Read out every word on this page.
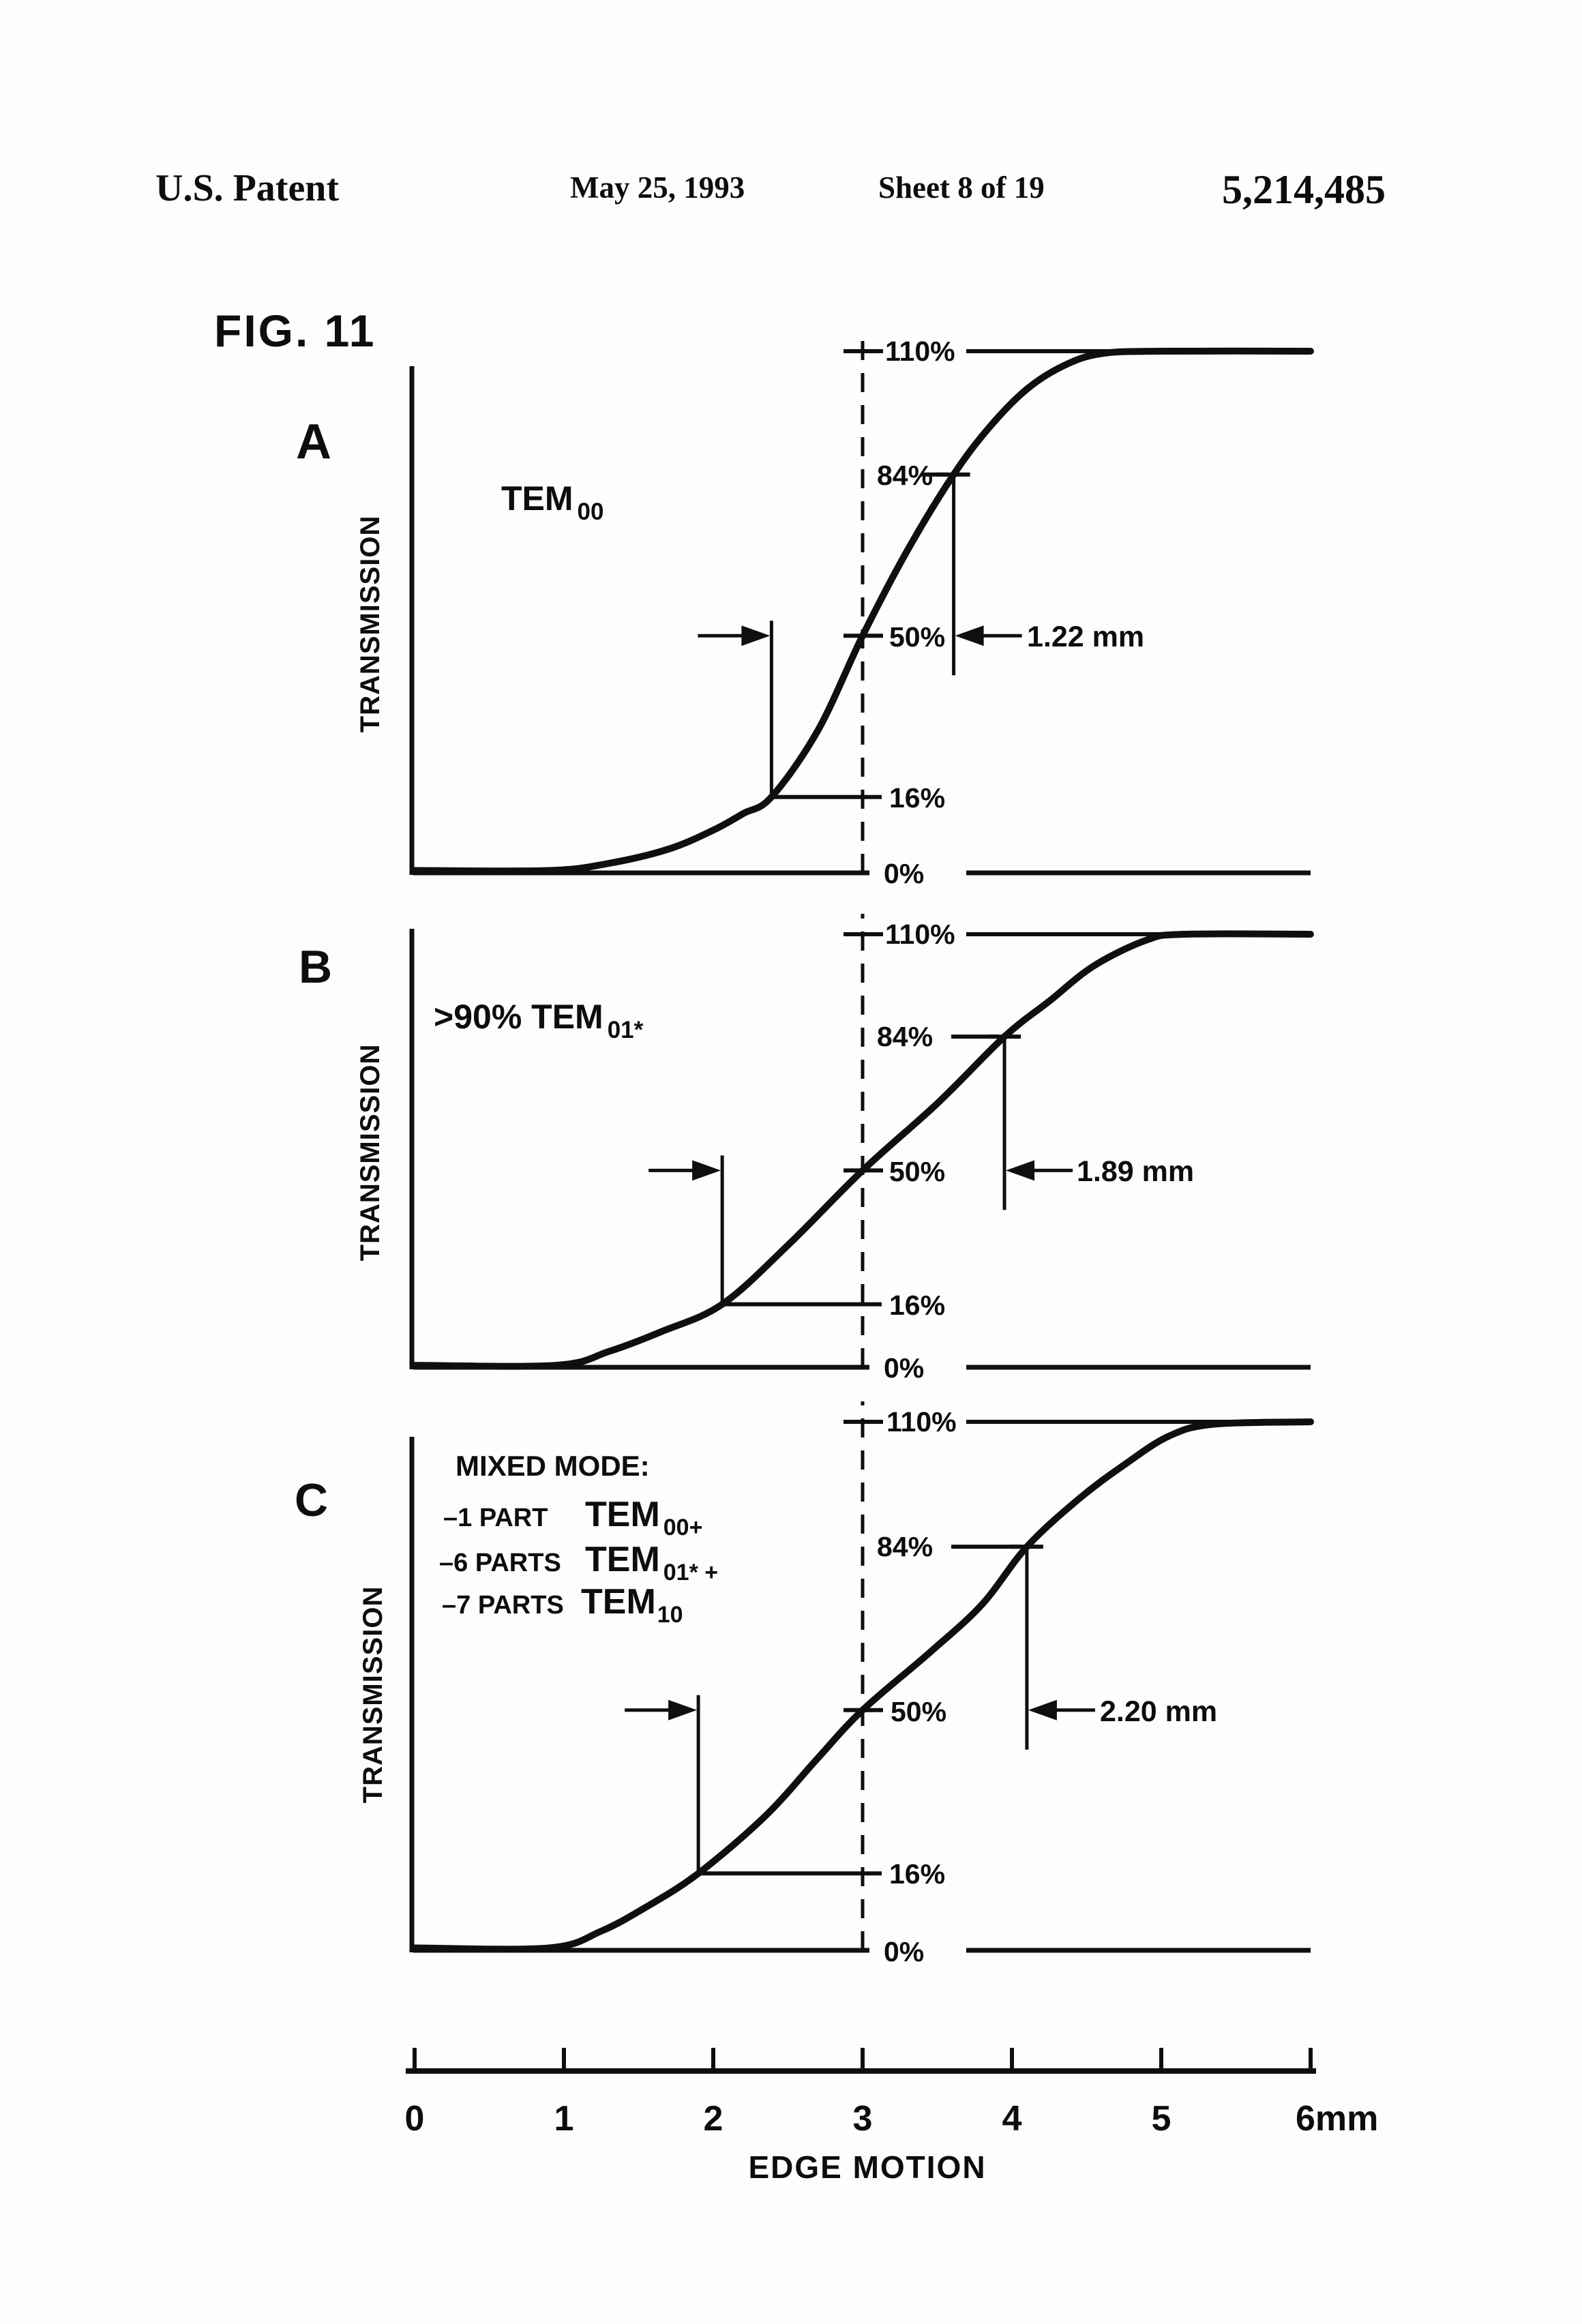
U.S. Patent	May 25, 1993	Sheet 8 of 19	5,214,485
FIG. 11
A
TRANSMISSION
TEM $_{00}$
110%
84%
50%
16%
0%
1.22 mm
B
TRANSMISSION
>90% TEM $_{01*}$
110%
84%
50%
16%
0%
1.89 mm
C
TRANSMISSION
MIXED MODE:
–1 PART TEM 00+
–6 PARTS TEM 01* +
–7 PARTS TEM10
110%
84%
50%
16%
0%
2.20 mm
0	1	2	3	4	5	6mm
EDGE MOTION
